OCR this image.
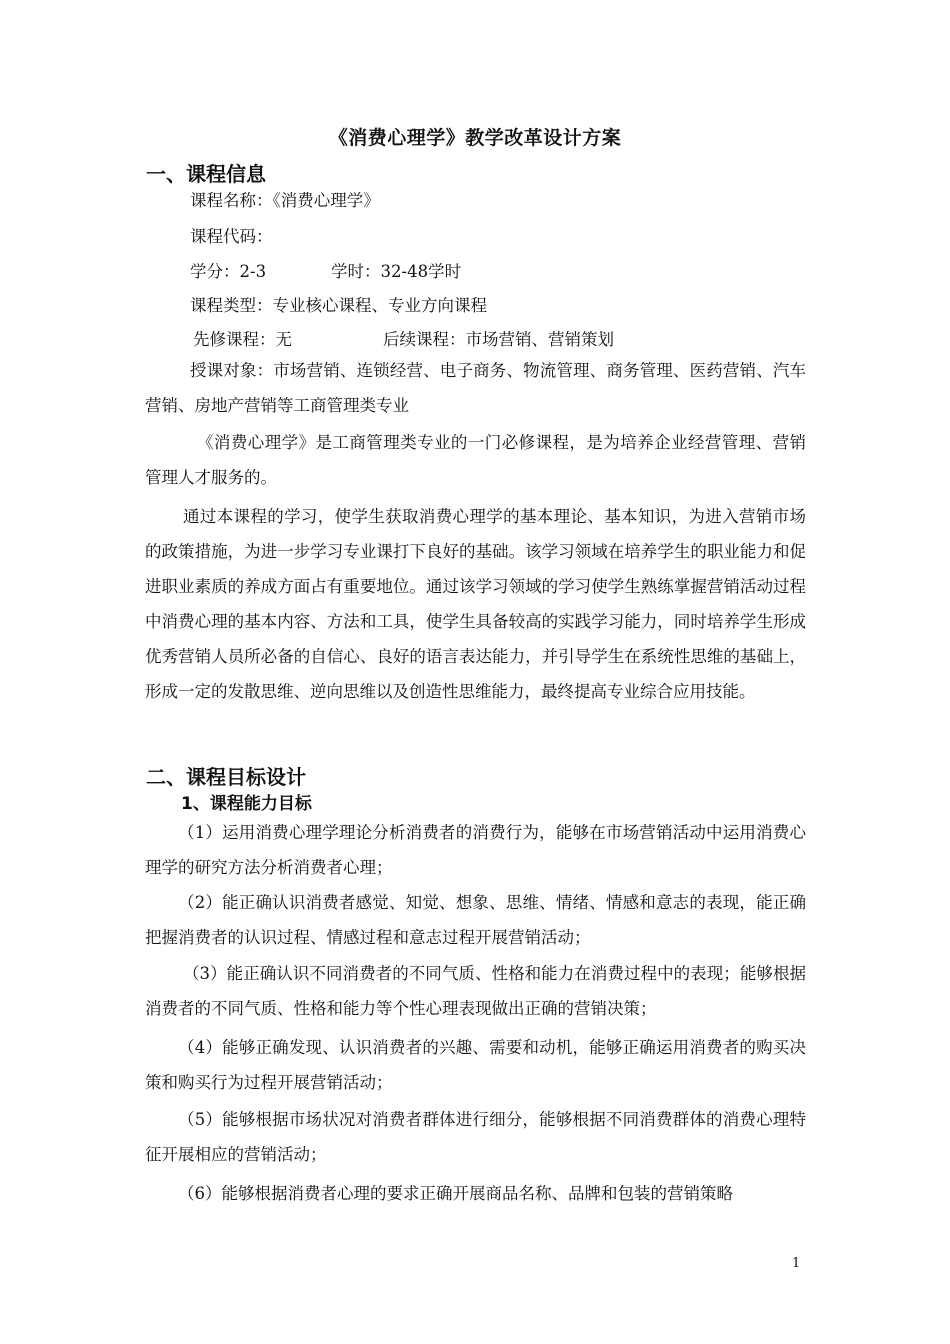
《消费心理学》教学改革设计方案
一、课程信息
课程名称：《消费心理学》
课程代码：
学分：2-3	学时：32-48学时
课程类型：专业核心课程、专业方向课程
先修课程：无	后续课程：市场营销、营销策划
授课对象：市场营销、连锁经营、电子商务、物流管理、商务管理、医药营销、汽车营销、房地产营销等工商管理类专业
《消费心理学》是工商管理类专业的一门必修课程，是为培养企业经营管理、营销管理人才服务的。
通过本课程的学习，使学生获取消费心理学的基本理论、基本知识，为进入营销市场的政策措施，为进一步学习专业课打下良好的基础。该学习领域在培养学生的职业能力和促进职业素质的养成方面占有重要地位。通过该学习领域的学习使学生熟练掌握营销活动过程中消费心理的基本内容、方法和工具，使学生具备较高的实践学习能力，同时培养学生形成优秀营销人员所必备的自信心、良好的语言表达能力，并引导学生在系统性思维的基础上，形成一定的发散思维、逆向思维以及创造性思维能力，最终提高专业综合应用技能。
二、课程目标设计
1、课程能力目标
（1）运用消费心理学理论分析消费者的消费行为，能够在市场营销活动中运用消费心理学的研究方法分析消费者心理；
（2）能正确认识消费者感觉、知觉、想象、思维、情绪、情感和意志的表现，能正确把握消费者的认识过程、情感过程和意志过程开展营销活动；
（3）能正确认识不同消费者的不同气质、性格和能力在消费过程中的表现；能够根据消费者的不同气质、性格和能力等个性心理表现做出正确的营销决策；
（4）能够正确发现、认识消费者的兴趣、需要和动机，能够正确运用消费者的购买决策和购买行为过程开展营销活动；
（5）能够根据市场状况对消费者群体进行细分，能够根据不同消费群体的消费心理特征开展相应的营销活动；
（6）能够根据消费者心理的要求正确开展商品名称、品牌和包装的营销策略
1
